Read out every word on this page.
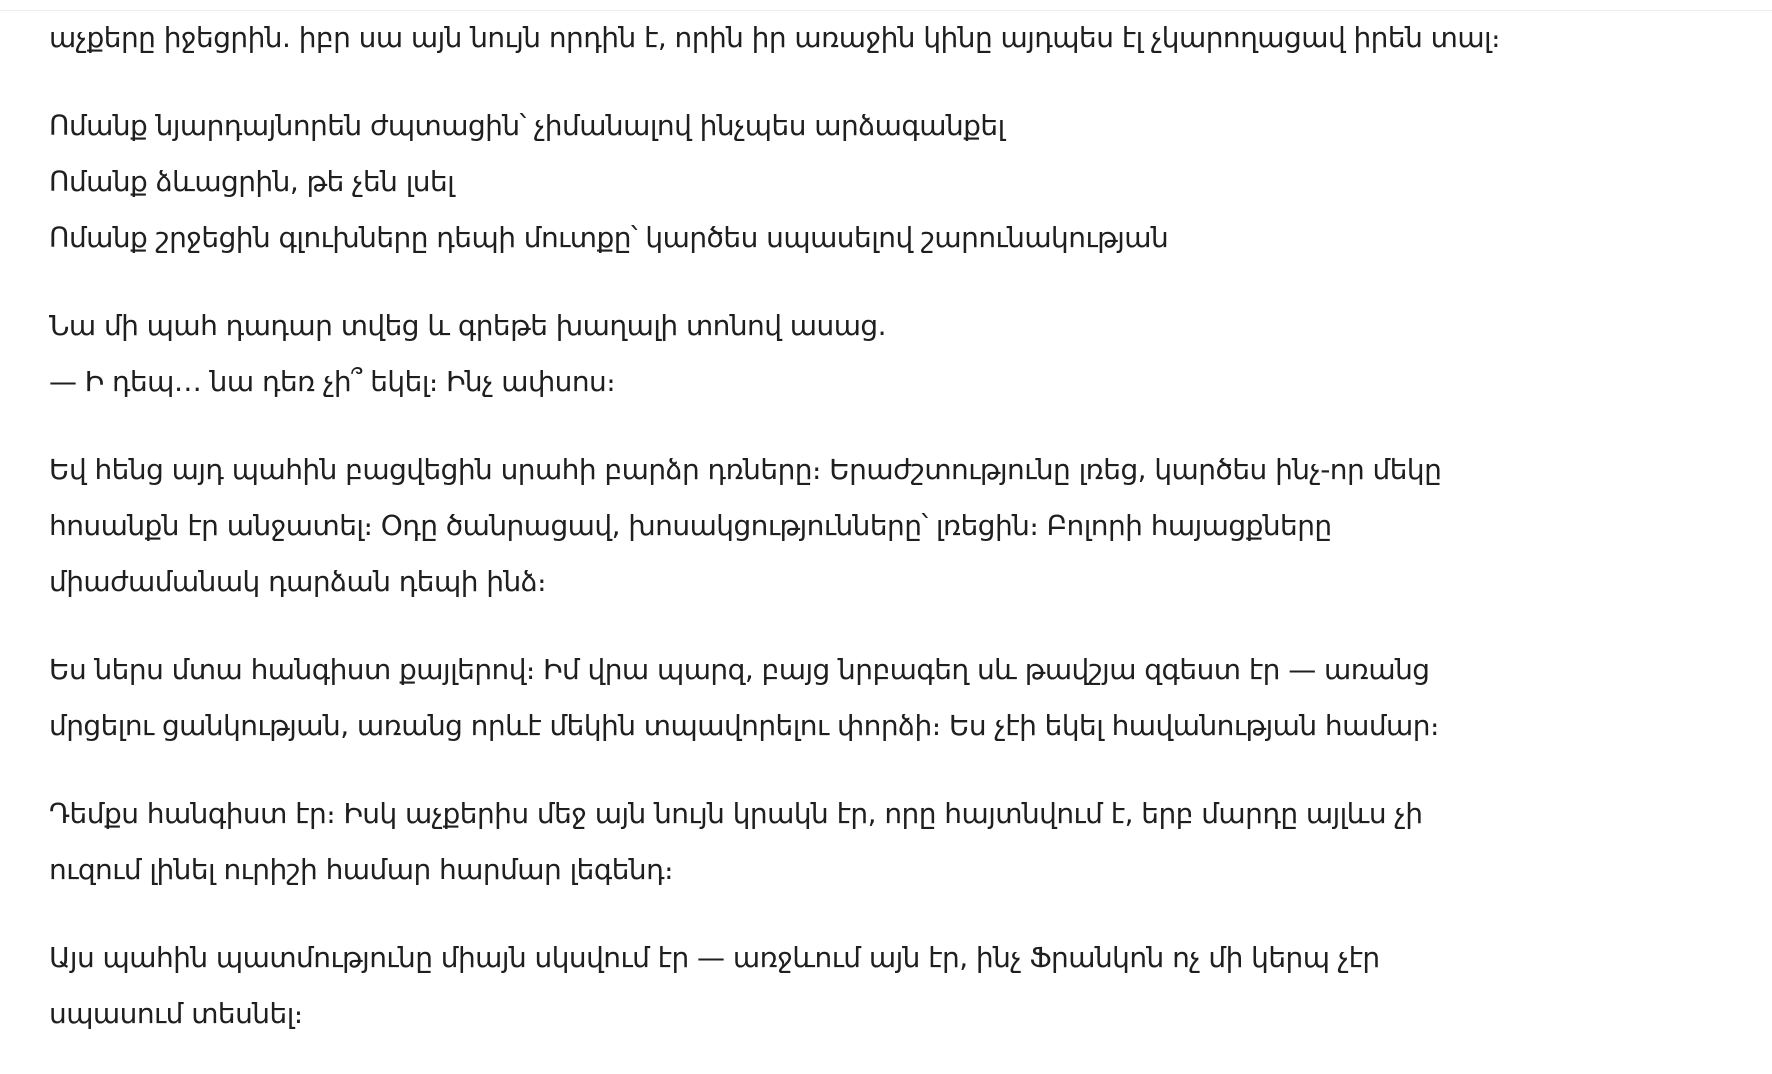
աչքերը իջեցրին. իբր սա այն նույն որդին է, որին իր առաջին կինը այդպես էլ չկարողացավ իրեն տալ։

Ոմանք նյարդայնորեն ժպտացին՝ չիմանալով ինչպես արձագանքել
Ոմանք ձևացրին, թե չեն լսել
Ոմանք շրջեցին գլուխները դեպի մուտքը՝ կարծես սպասելով շարունակության

Նա մի պահ դադար տվեց և գրեթե խաղալի տոնով ասաց.
— Ի դեպ… նա դեռ չի՞ եկել։ Ինչ ափսոս։

Եվ հենց այդ պահին բացվեցին սրահի բարձր դռները։ Երաժշտությունը լռեց, կարծես ինչ-որ մեկը
հոսանքն էր անջատել։ Օդը ծանրացավ, խոսակցությունները՝ լռեցին։ Բոլորի հայացքները
միաժամանակ դարձան դեպի ինձ։

Ես ներս մտա հանգիստ քայլերով։ Իմ վրա պարզ, բայց նրբագեղ սև թավշյա զգեստ էր — առանց
մրցելու ցանկության, առանց որևէ մեկին տպավորելու փորձի։ Ես չէի եկել հավանության համար։

Դեմքս հանգիստ էր։ Իսկ աչքերիս մեջ այն նույն կրակն էր, որը հայտնվում է, երբ մարդը այլևս չի
ուզում լինել ուրիշի համար հարմար լեգենդ։

Այս պահին պատմությունը միայն սկսվում էր — առջևում այն էր, ինչ Ֆրանկոն ոչ մի կերպ չէր
սպասում տեսնել։
